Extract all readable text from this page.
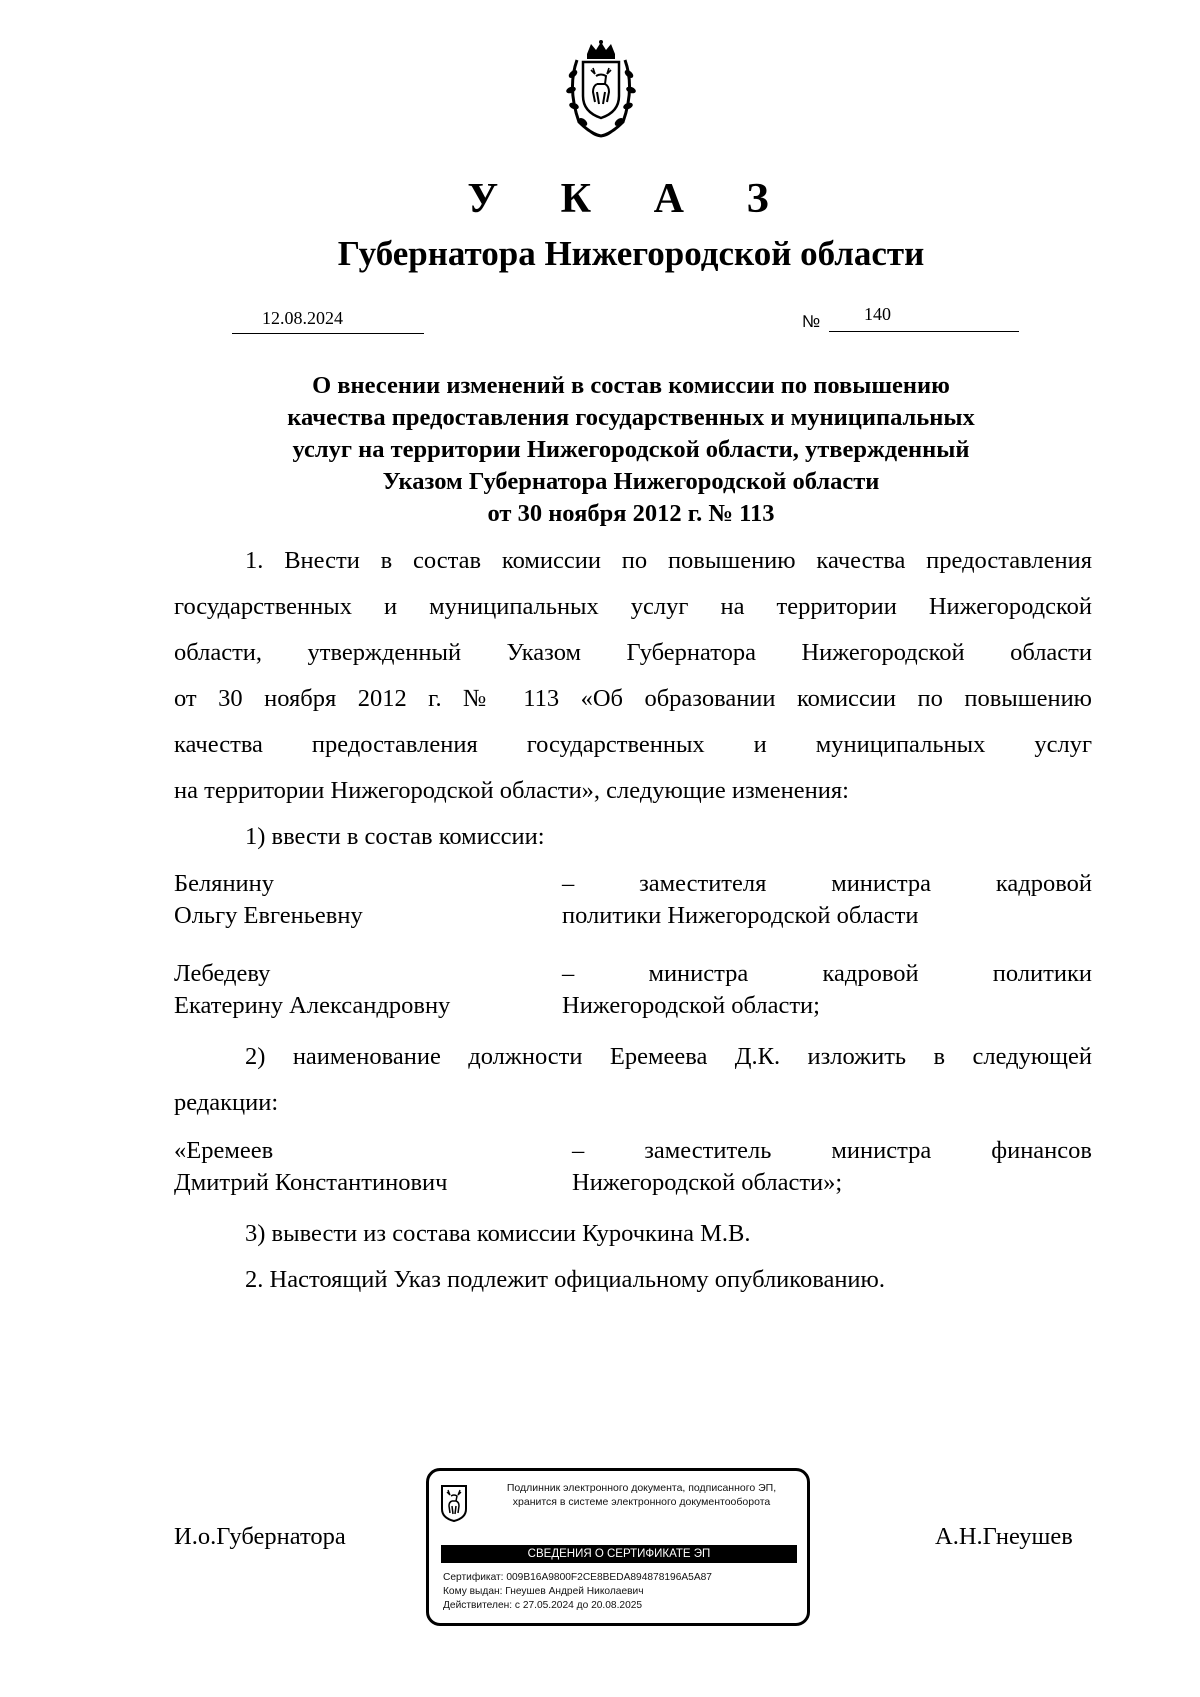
У К А З
Губернатора Нижегородской области
12.08.2024	№ 140
О внесении изменений в состав комиссии по повышению
качества предоставления государственных и муниципальных
услуг на территории Нижегородской области, утвержденный
Указом Губернатора Нижегородской области
от 30 ноября 2012 г. № 113
1. Внести в состав комиссии по повышению качества предоставления
государственных и муниципальных услуг на территории Нижегородской
области, утвержденный Указом Губернатора Нижегородской области
от 30 ноября 2012 г. № 113 «Об образовании комиссии по повышению
качества предоставления государственных и муниципальных услуг
на территории Нижегородской области», следующие изменения:
1) ввести в состав комиссии:
Белянину
Ольгу Евгеньевну
– заместителя министра кадровой
политики Нижегородской области
Лебедеву
Екатерину Александровну
– министра кадровой политики
Нижегородской области;
2) наименование должности Еремеева Д.К. изложить в следующей
редакции:
«Еремеев
Дмитрий Константинович
– заместитель министра финансов
Нижегородской области»;
3) вывести из состава комиссии Курочкина М.В.
2. Настоящий Указ подлежит официальному опубликованию.
И.о.Губернатора	А.Н.Гнеушев
Подлинник электронного документа, подписанного ЭП,
хранится в системе электронного документооборота
СВЕДЕНИЯ О СЕРТИФИКАТЕ ЭП
Сертификат: 009B16A9800F2CE8BEDA894878196A5A87
Кому выдан: Гнеушев Андрей Николаевич
Действителен: с 27.05.2024 до 20.08.2025
